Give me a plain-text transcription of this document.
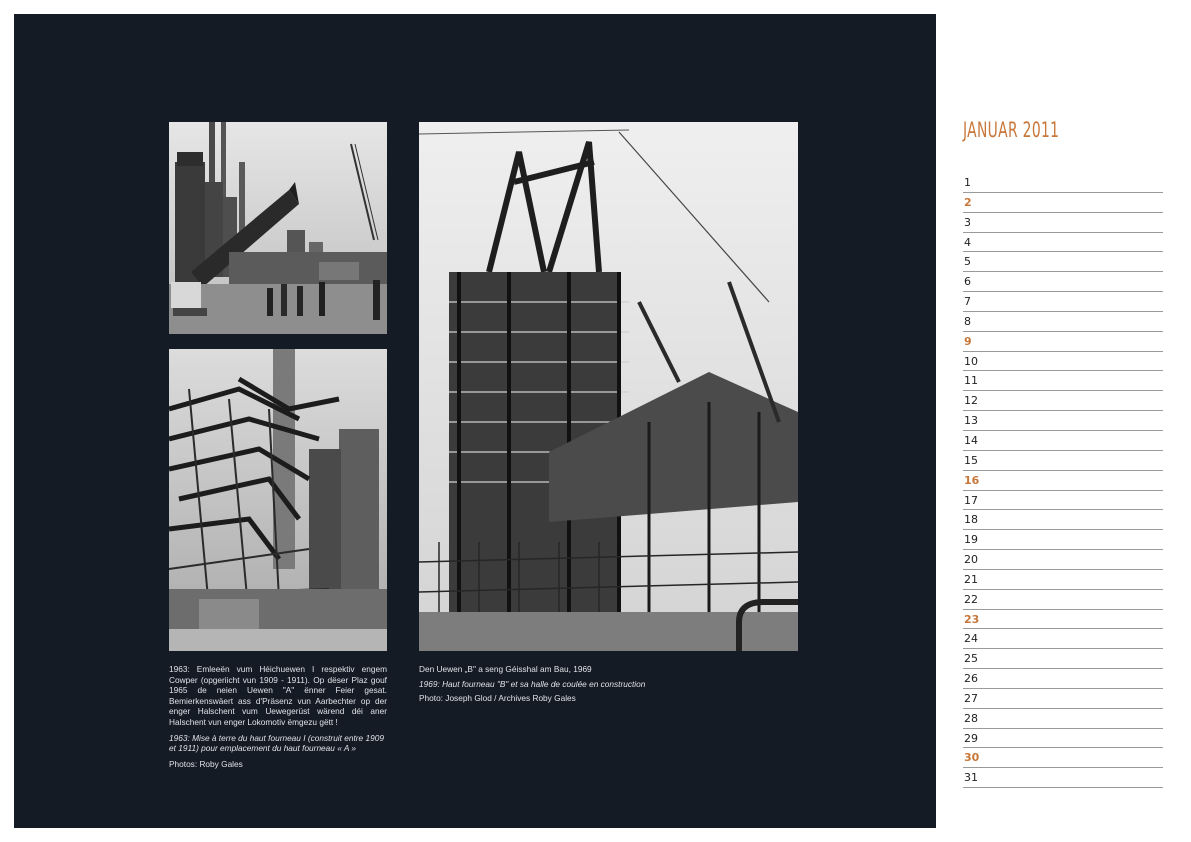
1963: Emleeën vum Héichuewen I respektiv engem Cowper (opgeriicht vun 1909 - 1911). Op dëser Plaz gouf 1965 de neien Uewen "A" ënner Feier gesat. Bemierkenswäert ass d'Präsenz vun Aarbechter op der enger Halschent vum Uewegerüst wärend déi aner Halschent vun enger Lokomotiv ëmgezu gëtt !

1963: Mise à terre du haut fourneau I (construit entre 1909 et 1911) pour emplacement du haut fourneau « A »

Photos: Roby Gales

Den Uewen „B" a seng Géisshal am Bau, 1969

1969: Haut fourneau "B" et sa halle de coulée en construction

Photo: Joseph Glod / Archives Roby Gales

JANUAR 2011
1
2
3
4
5
6
7
8
9
10
11
12
13
14
15
16
17
18
19
20
21
22
23
24
25
26
27
28
29
30
31
